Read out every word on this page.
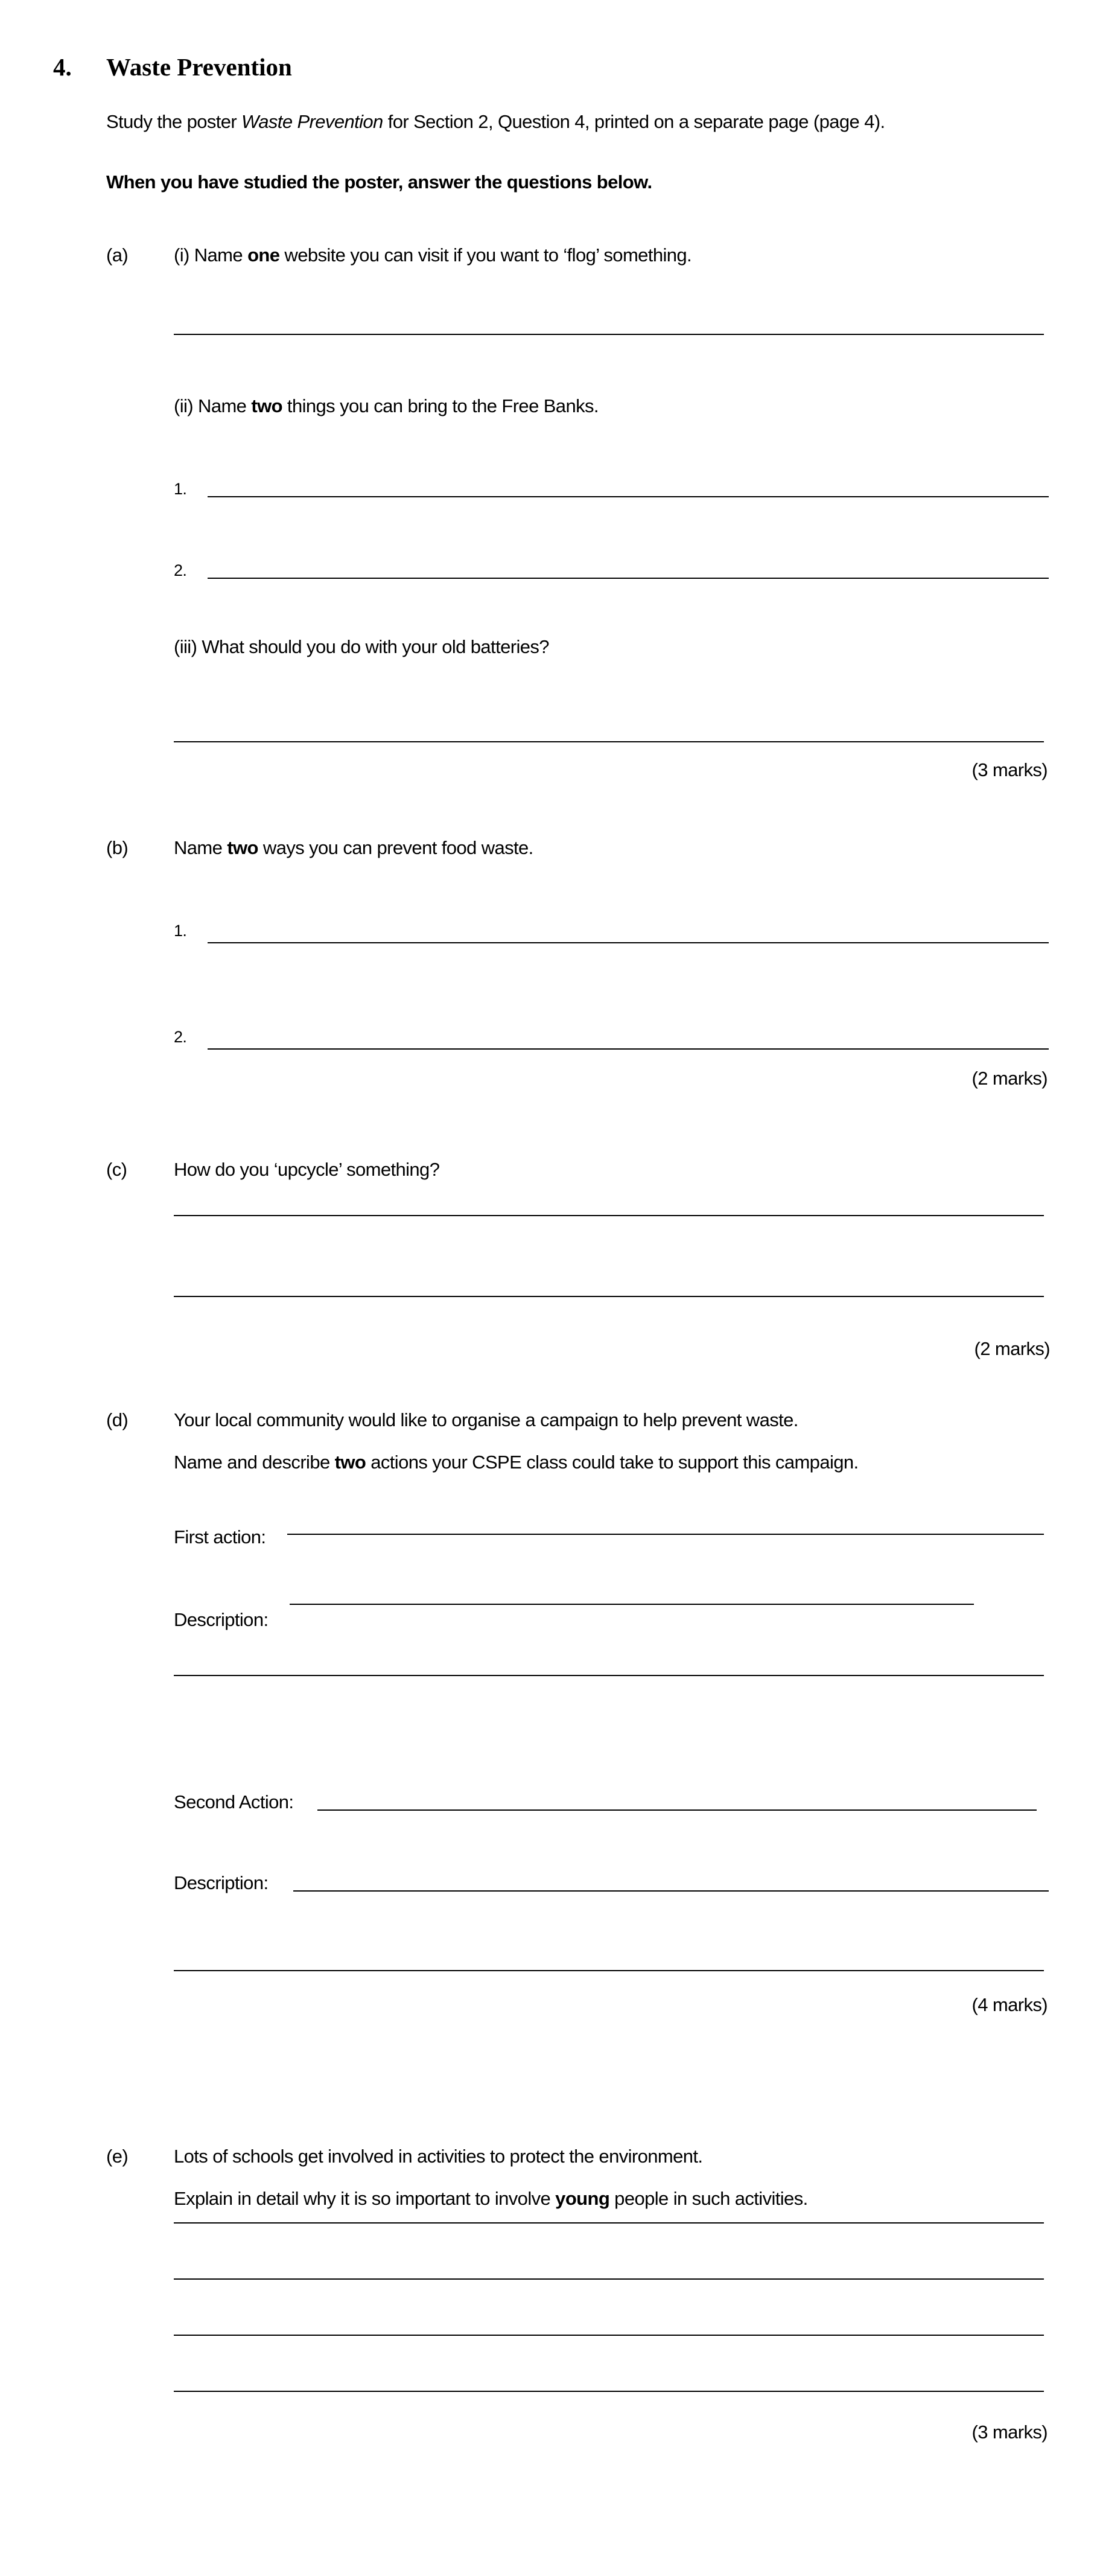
4. Waste Prevention
Study the poster Waste Prevention for Section 2, Question 4, printed on a separate page (page 4).
When you have studied the poster, answer the questions below.
(a) (i) Name one website you can visit if you want to ‘flog’ something.
(ii) Name two things you can bring to the Free Banks.
1.
2.
(iii) What should you do with your old batteries?
(3 marks)
(b) Name two ways you can prevent food waste.
1.
2.
(2 marks)
(c)	How do you ‘upcycle’ something?
(2 marks)
(d) Your local community would like to organise a campaign to help prevent waste.
Name and describe two actions your CSPE class could take to support this campaign.
First action:
Description:
Second Action:
Description:
(4 marks)
(e) Lots of schools get involved in activities to protect the environment.
Explain in detail why it is so important to involve young people in such activities.
(3 marks)
